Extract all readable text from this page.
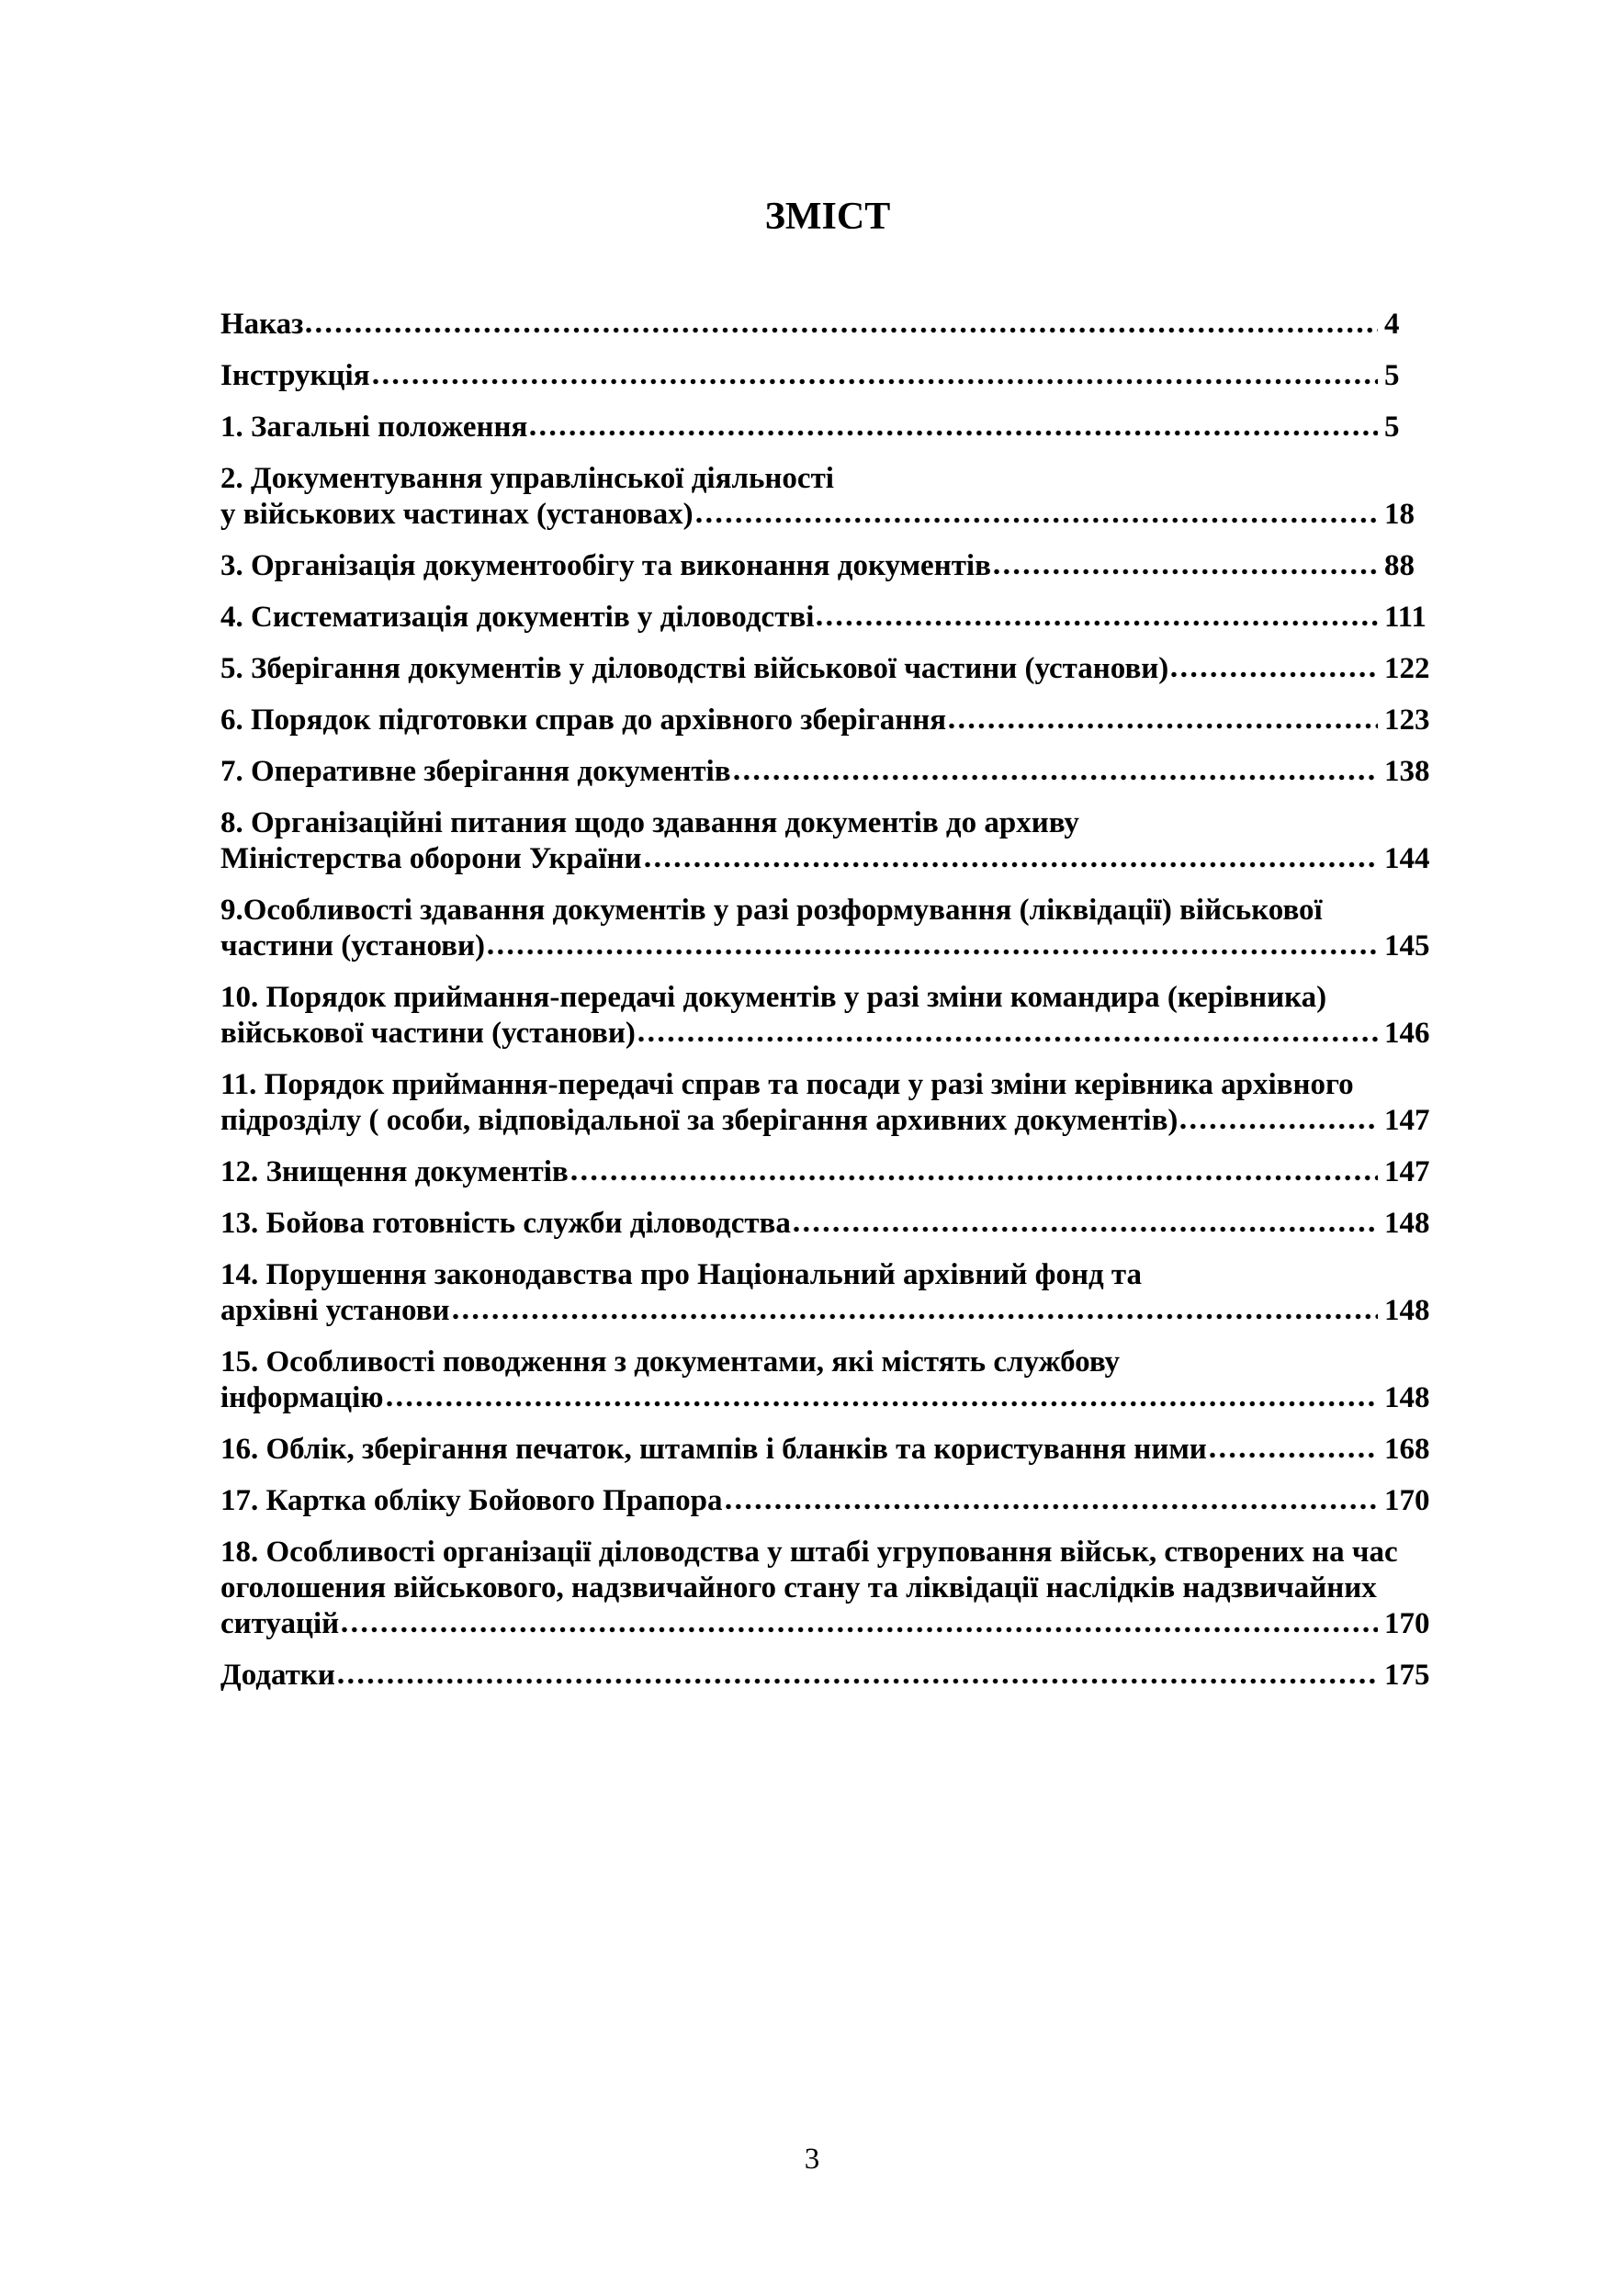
ЗМІСТ
Наказ	4
Інструкція	5
1. Загальні положення	5
2. Документування управлінської діяльності
у військових частинах (установах)	18
3. Організація документообігу та виконання документів	88
4. Систематизація документів у діловодстві	111
5. Зберігання документів у діловодстві військової частини (установи)	122
6. Порядок підготовки справ до архівного зберігання	123
7. Оперативне зберігання документів	138
8. Організаційні питания щодо здавання документів до архиву
Міністерства оборони України	144
9.Особливості здавання документів у разі розформування (ліквідації) військової
частини (установи)	145
10. Порядок приймання-передачі документів у разі зміни командира (керівника)
військової частини (установи)	146
11. Порядок приймання-передачі справ та посади у разі зміни керівника архівного
підрозділу ( особи, відповідальної за зберігання архивних документів)	147
12. Знищення документів	147
13. Бойова готовність служби діловодства	148
14. Порушення законодавства про Національний архівний фонд та
архівні установи	148
15. Особливості поводження з документами, які містять службову
інформацію	148
16. Облік, зберігання печаток, штампів і бланків та користування ними	168
17. Картка обліку Бойового Прапора	170
18. Особливості організації діловодства у штабі угруповання військ, створених на час
оголошения військового, надзвичайного стану та ліквідації наслідків надзвичайних
ситуацій	170
Додатки	175
3
